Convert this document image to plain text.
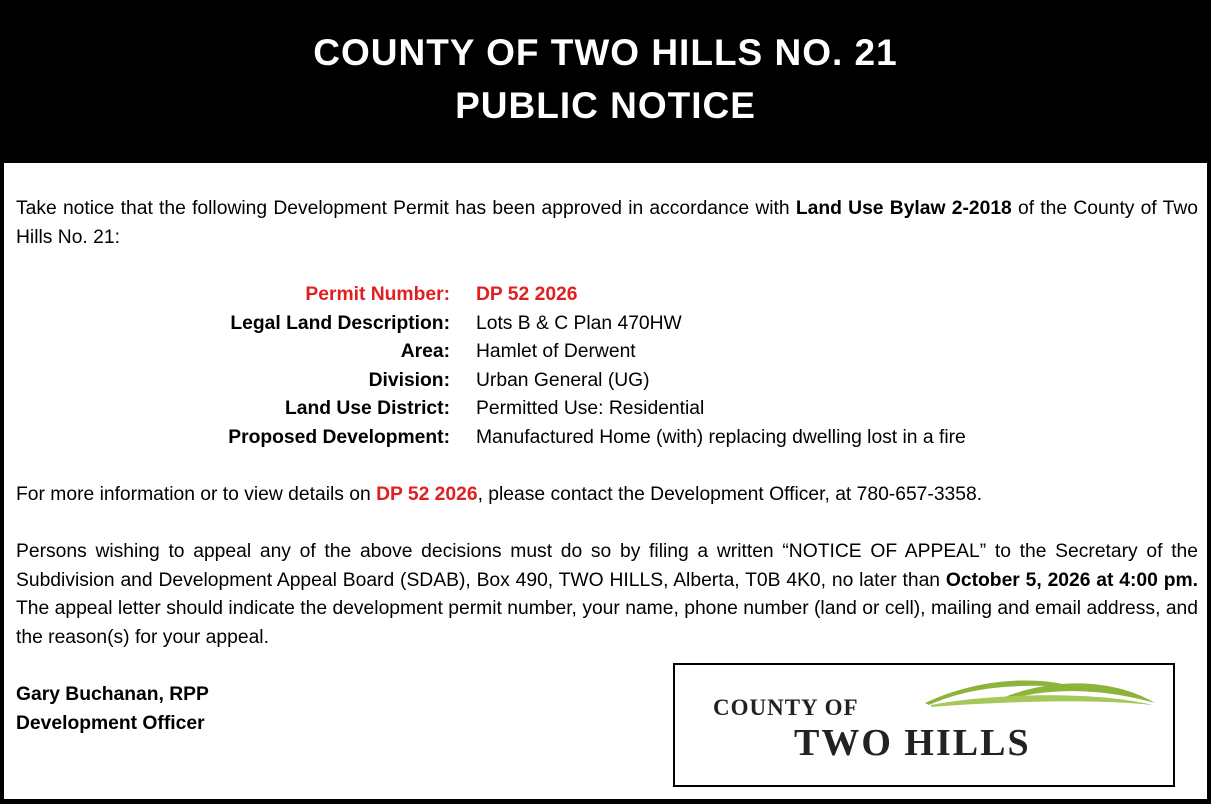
COUNTY OF TWO HILLS NO. 21
PUBLIC NOTICE
Take notice that the following Development Permit has been approved in accordance with Land Use Bylaw 2-2018 of the County of Two Hills No. 21:
Permit Number: DP 52 2026
Legal Land Description: Lots B & C Plan 470HW
Area: Hamlet of Derwent
Division: Urban General (UG)
Land Use District: Permitted Use: Residential
Proposed Development: Manufactured Home (with) replacing dwelling lost in a fire
For more information or to view details on DP 52 2026, please contact the Development Officer, at 780-657-3358.
Persons wishing to appeal any of the above decisions must do so by filing a written “NOTICE OF APPEAL” to the Secretary of the Subdivision and Development Appeal Board (SDAB), Box 490, TWO HILLS, Alberta, T0B 4K0, no later than October 5, 2026 at 4:00 pm. The appeal letter should indicate the development permit number, your name, phone number (land or cell), mailing and email address, and the reason(s) for your appeal.
Gary Buchanan, RPP
Development Officer
COUNTY OF
TWO HILLS
